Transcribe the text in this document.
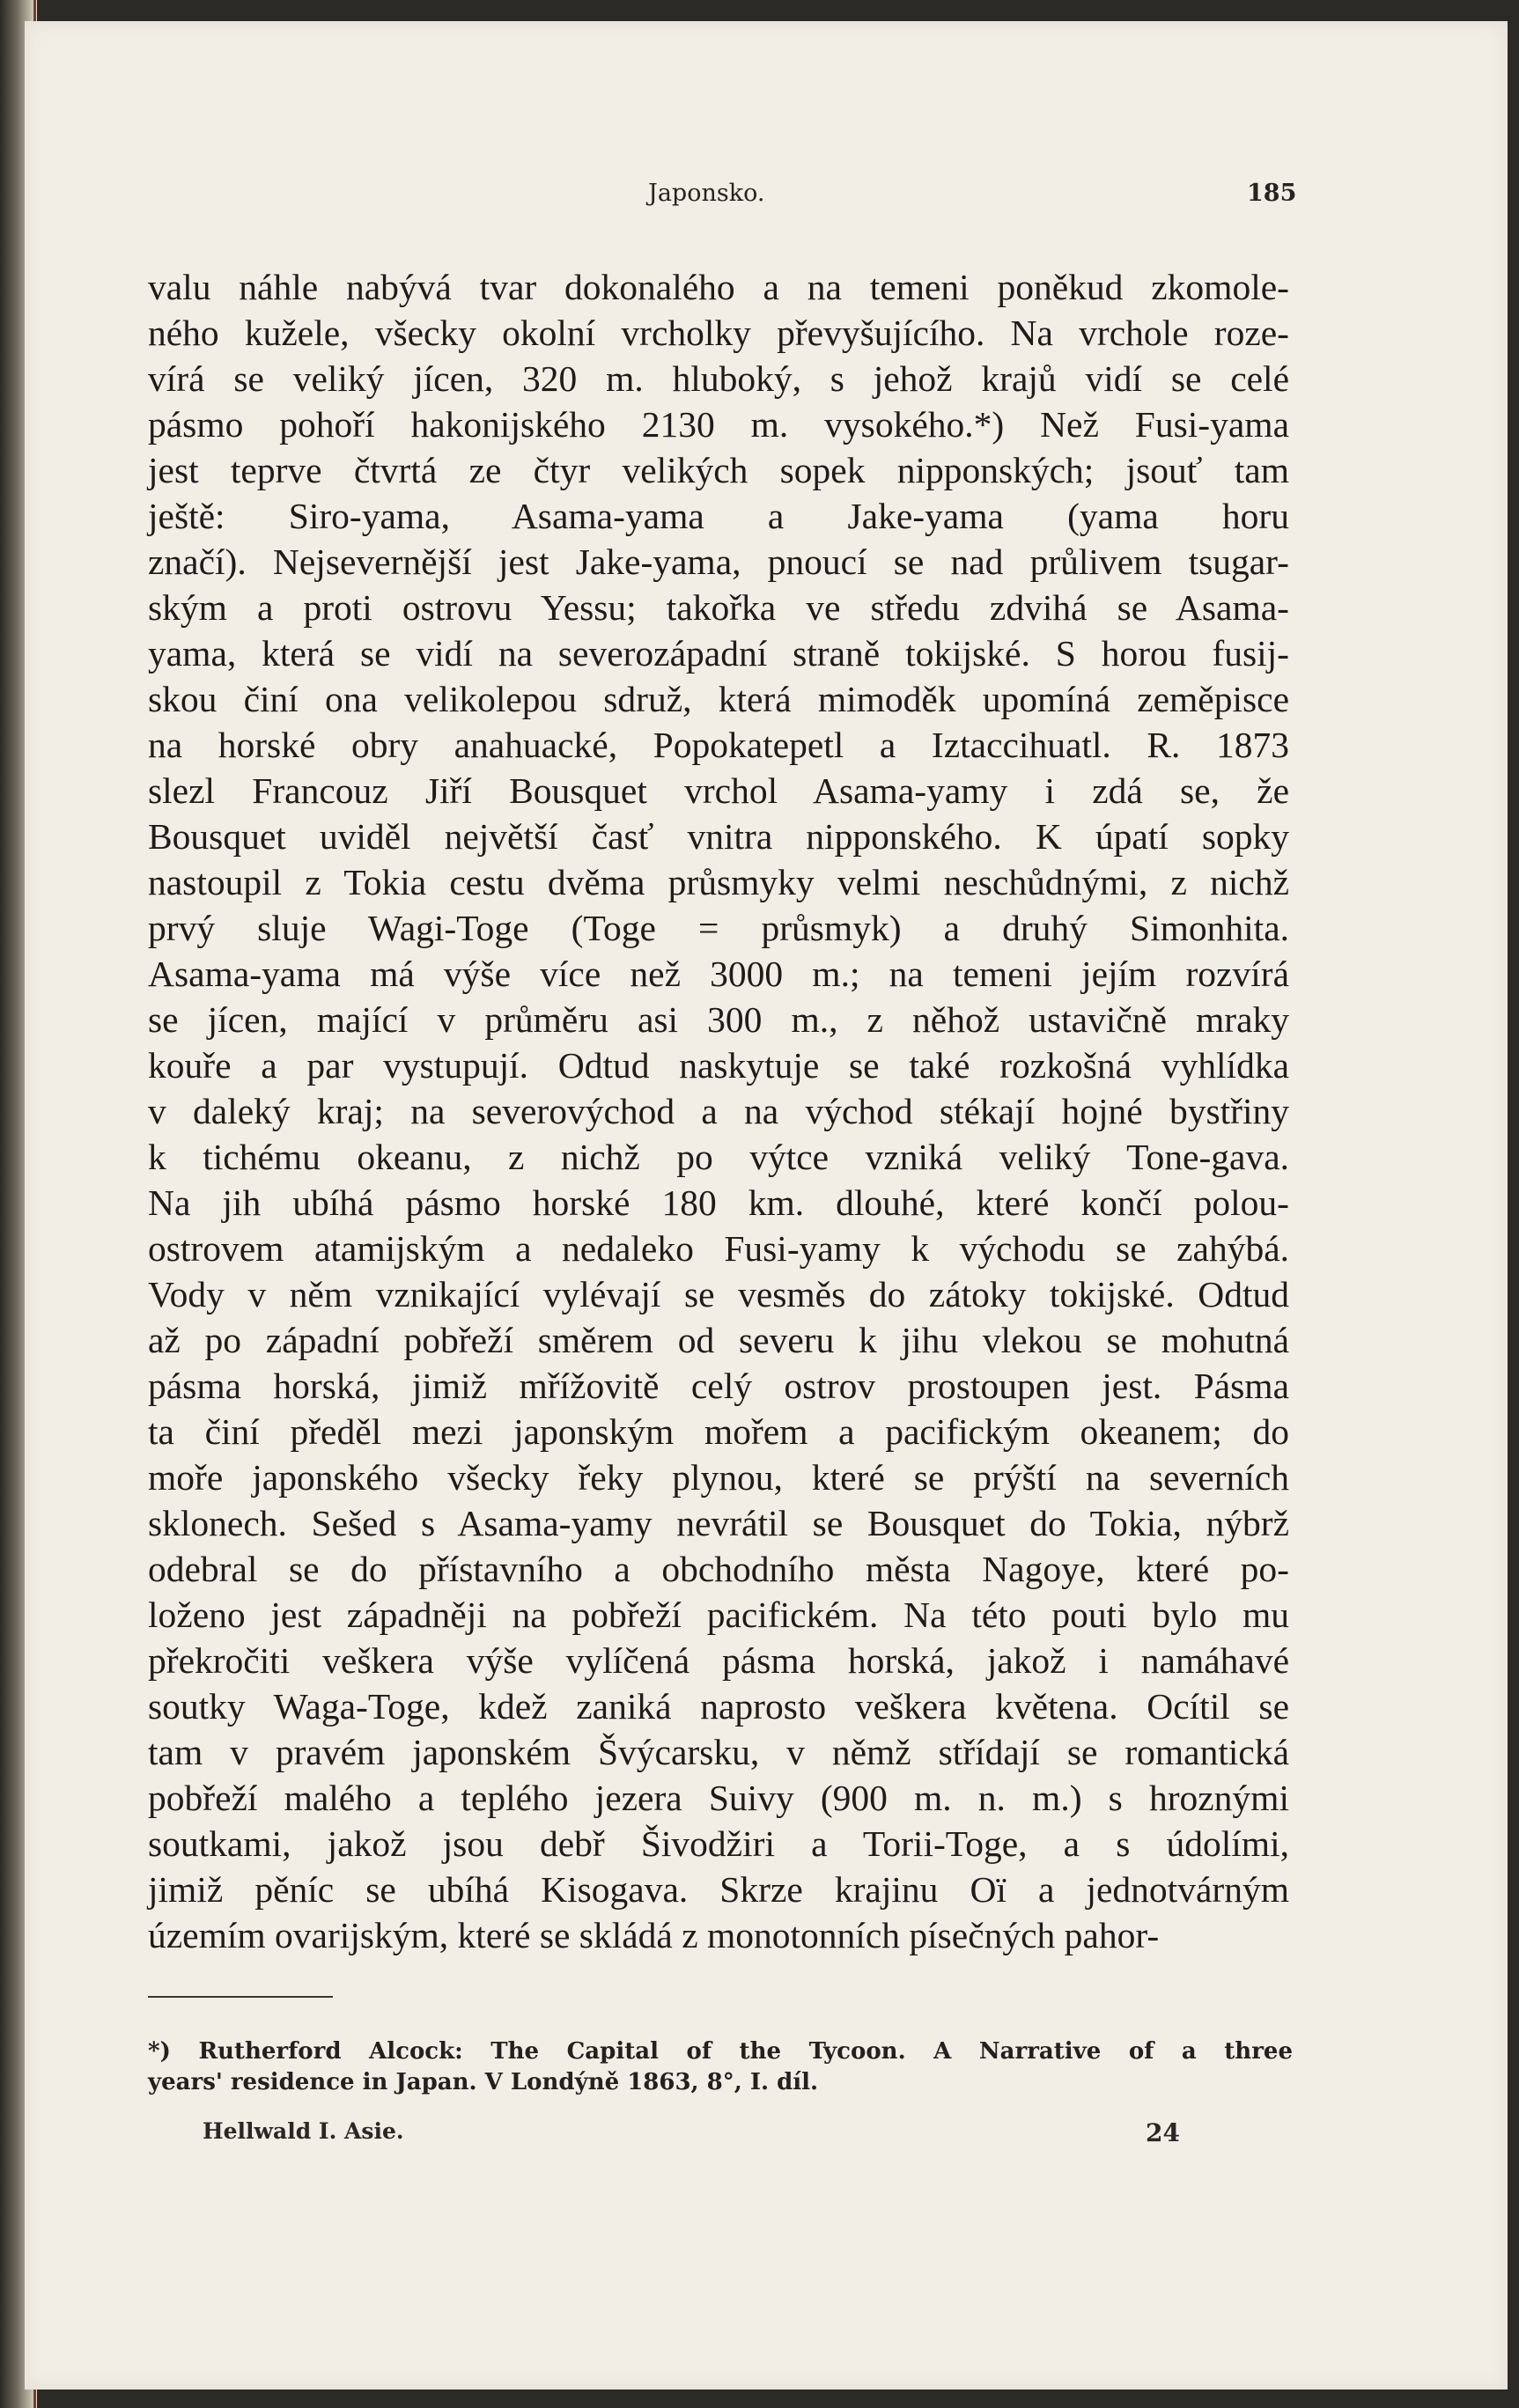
Japonsko.	185
valu náhle nabývá tvar dokonalého a na temeni poněkud zkomole-
ného kužele, všecky okolní vrcholky převyšujícího. Na vrchole roze-
vírá se veliký jícen, 320 m. hluboký, s jehož krajů vidí se celé
pásmo pohoří hakonijského 2130 m. vysokého.*) Než Fusi-yama
jest teprve čtvrtá ze čtyr velikých sopek nipponských; jsouť tam
ještě: Siro-yama, Asama-yama a Jake-yama (yama horu
značí). Nejsevernější jest Jake-yama, pnoucí se nad průlivem tsugar-
ským a proti ostrovu Yessu; takořka ve středu zdvihá se Asama-
yama, která se vidí na severozápadní straně tokijské. S horou fusij-
skou činí ona velikolepou sdruž, která mimoděk upomíná zeměpisce
na horské obry anahuacké, Popokatepetl a Iztaccihuatl. R. 1873
slezl Francouz Jiří Bousquet vrchol Asama-yamy i zdá se, že
Bousquet uviděl největší časť vnitra nipponského. K úpatí sopky
nastoupil z Tokia cestu dvěma průsmyky velmi neschůdnými, z nichž
prvý sluje Wagi-Toge (Toge = průsmyk) a druhý Simonhita.
Asama-yama má výše více než 3000 m.; na temeni jejím rozvírá
se jícen, mající v průměru asi 300 m., z něhož ustavičně mraky
kouře a par vystupují. Odtud naskytuje se také rozkošná vyhlídka
v daleký kraj; na severovýchod a na východ stékají hojné bystřiny
k tichému okeanu, z nichž po výtce vzniká veliký Tone-gava.
Na jih ubíhá pásmo horské 180 km. dlouhé, které končí polou-
ostrovem atamijským a nedaleko Fusi-yamy k východu se zahýbá.
Vody v něm vznikající vylévají se vesměs do zátoky tokijské. Odtud
až po západní pobřeží směrem od severu k jihu vlekou se mohutná
pásma horská, jimiž mřížovitě celý ostrov prostoupen jest. Pásma
ta činí předěl mezi japonským mořem a pacifickým okeanem; do
moře japonského všecky řeky plynou, které se prýští na severních
sklonech. Sešed s Asama-yamy nevrátil se Bousquet do Tokia, nýbrž
odebral se do přístavního a obchodního města Nagoye, které po-
loženo jest západněji na pobřeží pacifickém. Na této pouti bylo mu
překročiti veškera výše vylíčená pásma horská, jakož i namáhavé
soutky Waga-Toge, kdež zaniká naprosto veškera květena. Ocítil se
tam v pravém japonském Švýcarsku, v němž střídají se romantická
pobřeží malého a teplého jezera Suivy (900 m. n. m.) s hroznými
soutkami, jakož jsou debř Šivodžiri a Torii-Toge, a s údolími,
jimiž pěníc se ubíhá Kisogava. Skrze krajinu Oï a jednotvárným
územím ovarijským, které se skládá z monotonních písečných pahor-
*) Rutherford Alcock: The Capital of the Tycoon. A Narrative of a three
years' residence in Japan. V Londýně 1863, 8°, I. díl.
Hellwald I. Asie.	24
